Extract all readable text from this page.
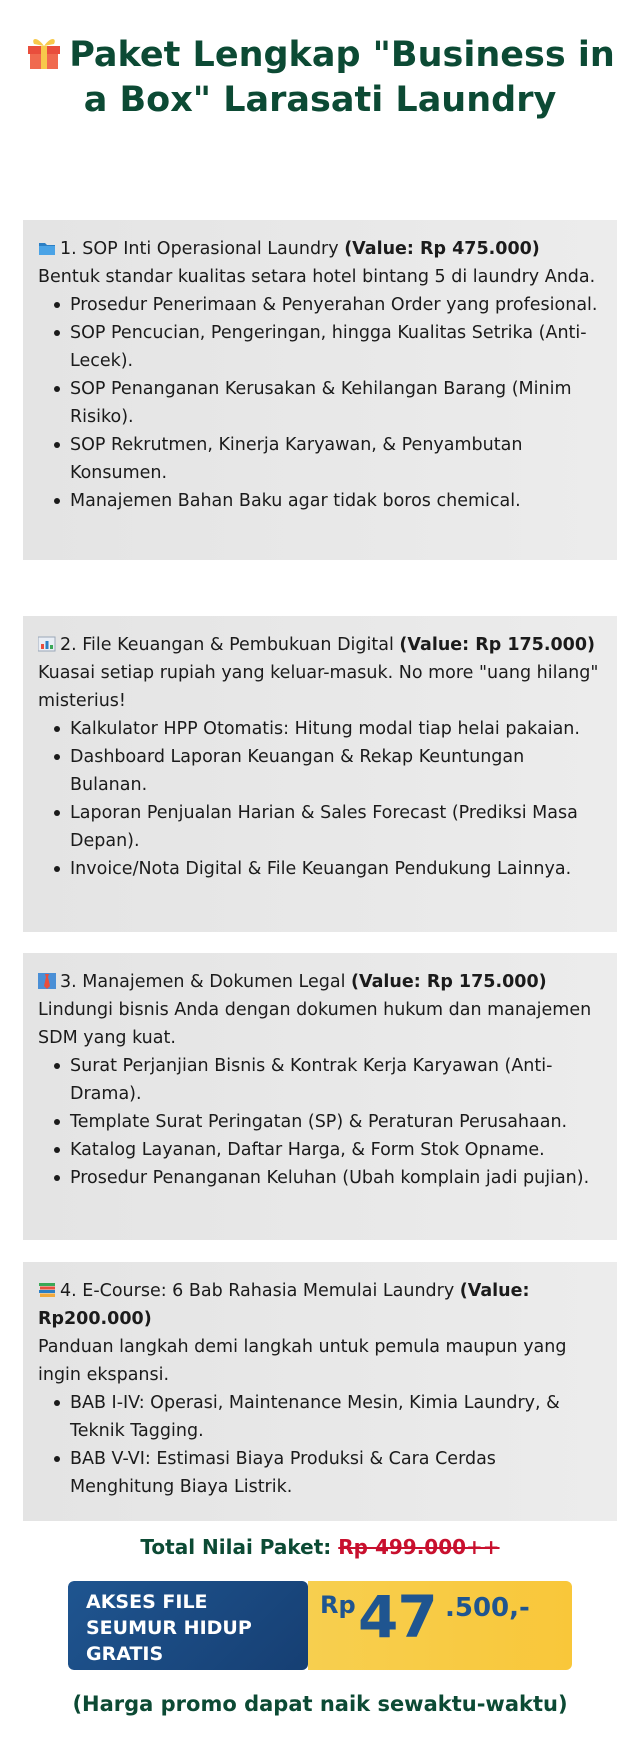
Paket Lengkap "Business in a Box" Larasati Laundry
1. SOP Inti Operasional Laundry (Value: Rp 475.000)
Bentuk standar kualitas setara hotel bintang 5 di laundry Anda.
Prosedur Penerimaan & Penyerahan Order yang profesional.
SOP Pencucian, Pengeringan, hingga Kualitas Setrika (Anti-Lecek).
SOP Penanganan Kerusakan & Kehilangan Barang (Minim Risiko).
SOP Rekrutmen, Kinerja Karyawan, & Penyambutan Konsumen.
Manajemen Bahan Baku agar tidak boros chemical.
2. File Keuangan & Pembukuan Digital (Value: Rp 175.000)
Kuasai setiap rupiah yang keluar-masuk. No more "uang hilang" misterius!
Kalkulator HPP Otomatis: Hitung modal tiap helai pakaian.
Dashboard Laporan Keuangan & Rekap Keuntungan Bulanan.
Laporan Penjualan Harian & Sales Forecast (Prediksi Masa Depan).
Invoice/Nota Digital & File Keuangan Pendukung Lainnya.
3. Manajemen & Dokumen Legal (Value: Rp 175.000)
Lindungi bisnis Anda dengan dokumen hukum dan manajemen SDM yang kuat.
Surat Perjanjian Bisnis & Kontrak Kerja Karyawan (Anti-Drama).
Template Surat Peringatan (SP) & Peraturan Perusahaan.
Katalog Layanan, Daftar Harga, & Form Stok Opname.
Prosedur Penanganan Keluhan (Ubah komplain jadi pujian).
4. E-Course: 6 Bab Rahasia Memulai Laundry (Value: Rp200.000)
Panduan langkah demi langkah untuk pemula maupun yang ingin ekspansi.
BAB I-IV: Operasi, Maintenance Mesin, Kimia Laundry, & Teknik Tagging.
BAB V-VI: Estimasi Biaya Produksi & Cara Cerdas Menghitung Biaya Listrik.
Total Nilai Paket: Rp 499.000++
AKSES FILE
SEUMUR HIDUP
GRATIS
Rp 47 .500,-
(Harga promo dapat naik sewaktu-waktu)
